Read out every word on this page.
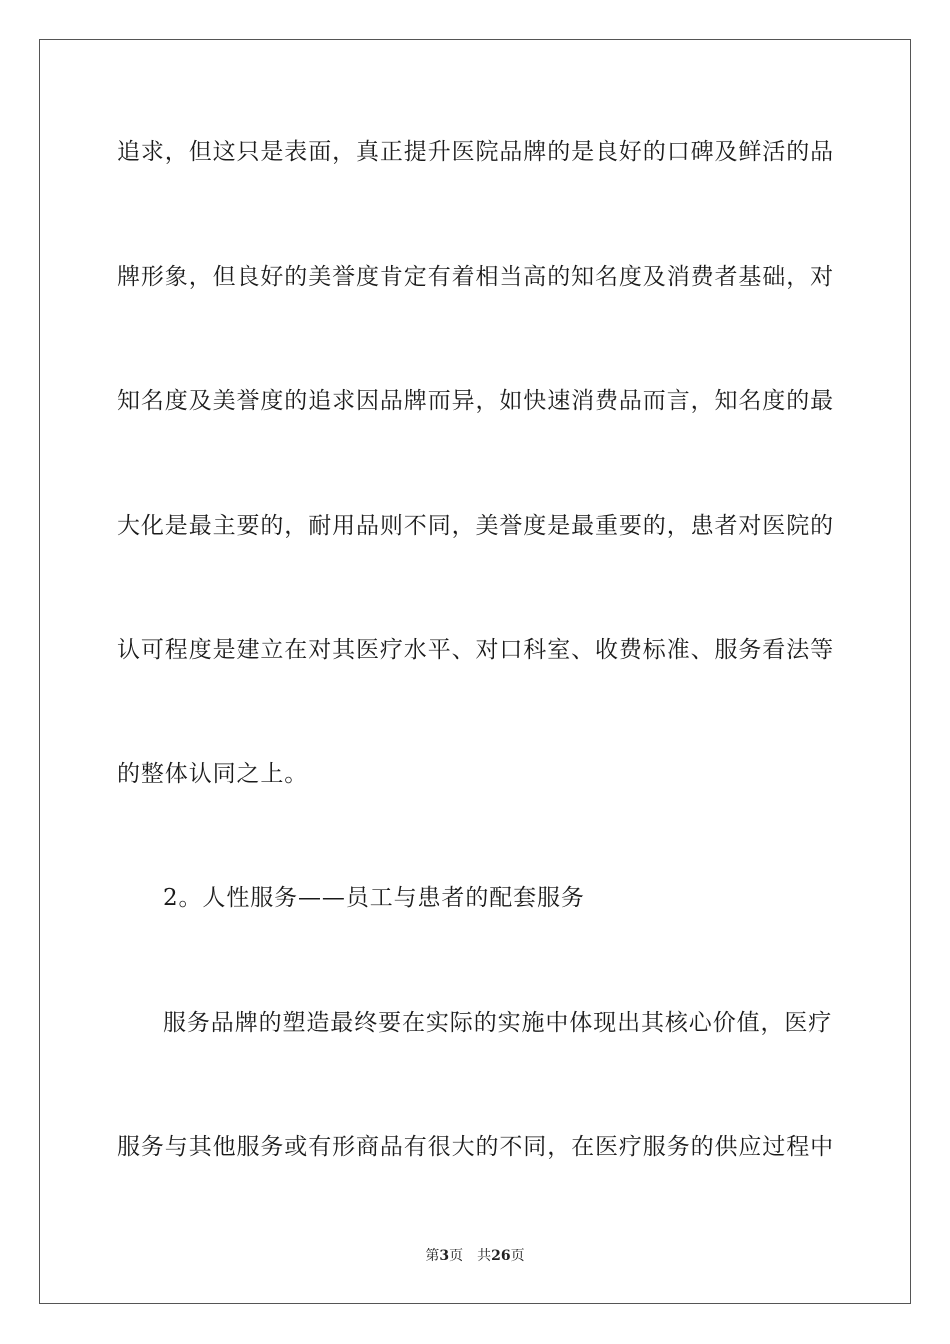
追求，但这只是表面，真正提升医院品牌的是良好的口碑及鲜活的品
牌形象，但良好的美誉度肯定有着相当高的知名度及消费者基础，对
知名度及美誉度的追求因品牌而异，如快速消费品而言，知名度的最
大化是最主要的，耐用品则不同，美誉度是最重要的，患者对医院的
认可程度是建立在对其医疗水平、对口科室、收费标准、服务看法等
的整体认同之上。
2。人性服务——员工与患者的配套服务
服务品牌的塑造最终要在实际的实施中体现出其核心价值，医疗
服务与其他服务或有形商品有很大的不同，在医疗服务的供应过程中
第3页 共26页
